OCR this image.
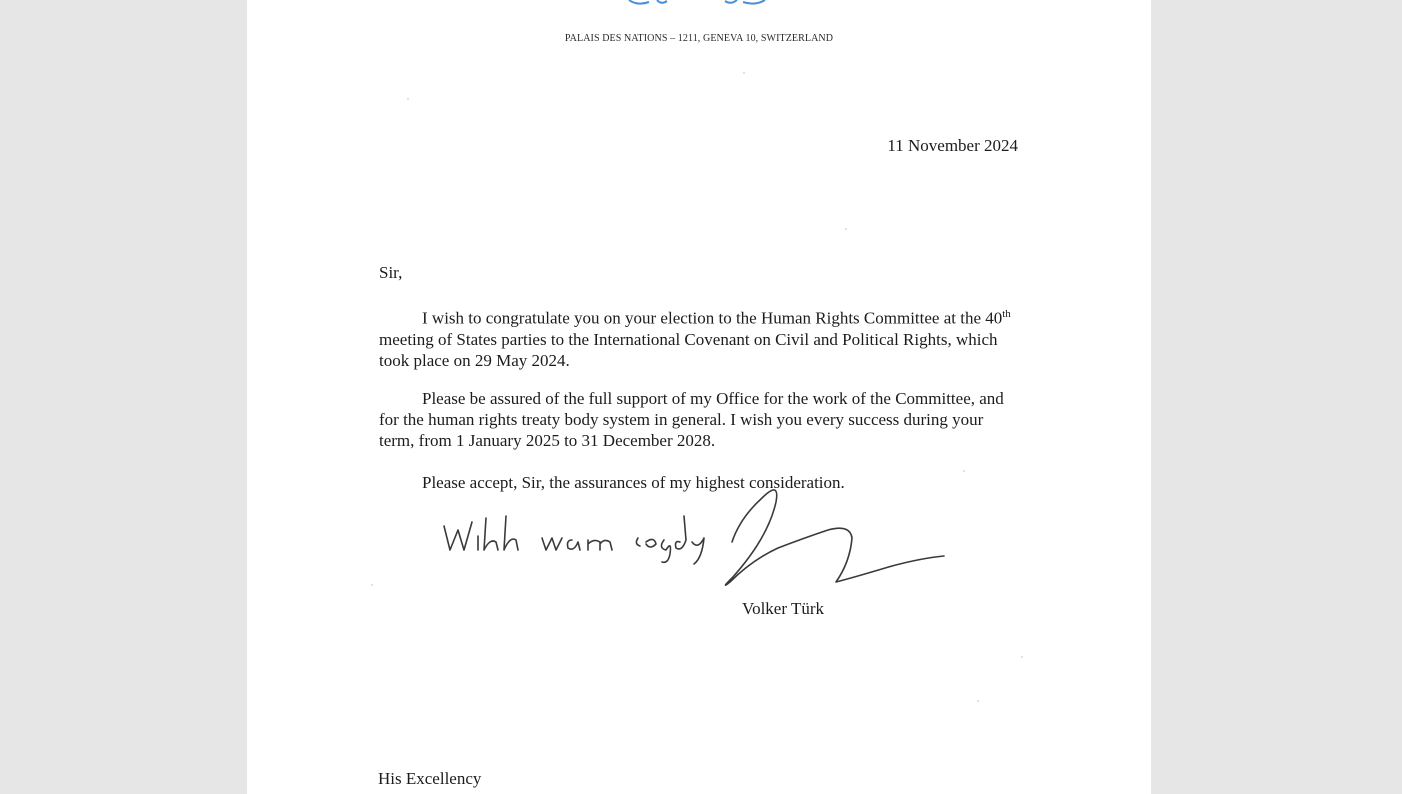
PALAIS DES NATIONS – 1211, GENEVA 10, SWITZERLAND
11 November 2024
Sir,

I wish to congratulate you on your election to the Human Rights Committee at the 40th meeting of States parties to the International Covenant on Civil and Political Rights, which took place on 29 May 2024.

Please be assured of the full support of my Office for the work of the Committee, and for the human rights treaty body system in general. I wish you every success during your term, from 1 January 2025 to 31 December 2028.

Please accept, Sir, the assurances of my highest consideration.

Volker Türk
His Excellency
